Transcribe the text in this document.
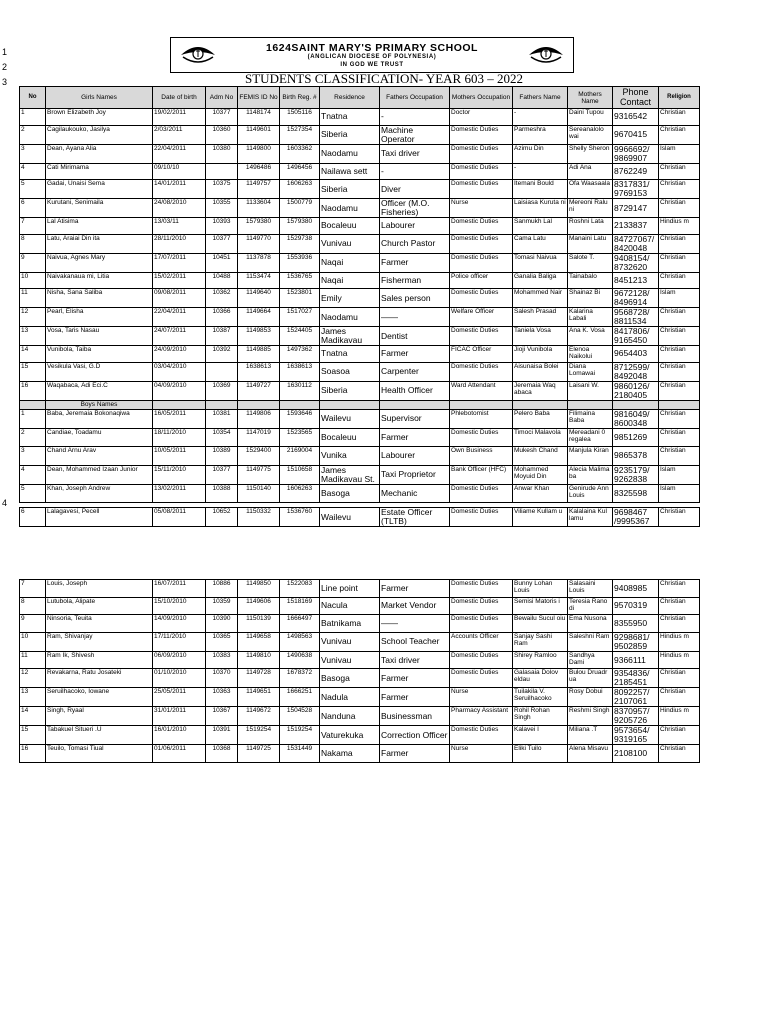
1
2
3
4
1624SAINT MARY'S PRIMARY SCHOOL
(ANGLICAN DIOCESE OF POLYNESIA)
IN GOD WE TRUST
STUDENTS CLASSIFICATION- YEAR 603 – 2022
No	Girls Names	Date of birth	Adm No	FEMIS ID No	Birth Reg. #	Residence	Fathers Occupation	Mothers Occupation	Fathers Name	Mothers Name	Phone Contact	Religion
1	Brown Elizabeth Joy	19/02/2011	10377	1148174	1505116	Tnatna	-	Doctor	-	Daini Tupou	9316542	Christian
2	Cagilaukouko, Jasilya	2/03/2011	10360	1149601	1527354	Siberia	Machine Operator	Domestic Duties	Parmeshra	Sereanalolo wai	9670415	Christian
3	Dean, Ayana Alia	22/04/2011	10380	1149800	1603362	Naodamu	Taxi driver	Domestic Duties	Azimu Din	Shelly Sheron	9966692/ 9869907	Islam
4	Cati Mirimama	09/10/10		1496486	1496456	Nailawa sett	-	Domestic Duties	-	Adi Ana	8762249	Christian
5	Gadai, Unaisi Sema	14/01/2011	10375	1149757	1606263	Siberia	Diver	Domestic Duties	Itemani Bould	Ofa Waasaala	8317831/ 9769153	Christian
6	Kurutani, Senimaila	24/08/2010	10355	1133604	1500779	Naodamu	Officer (M.O. Fisheries)	Nurse	Laisiasa Kuruta ni	Mereoni Ralu ni	8729147	Christian
7	Lal Atisima	13/03/11	10393	1579380	1579380	Bocaleuu	Labourer	Domestic Duties	Sanmukh Lal	Roshni Lata	2133837	Hindius m
8	Latu, Araiai Din ita	28/11/2010	10377	1149770	1529738	Vunivau	Church Pastor	Domestic Duties	Cama Latu	Manaini Latu	84727067/ 8420048	Christian
9	Naivua, Agnes Mary	17/07/2011	10451	1137878	1553936	Naqai	Farmer	Domestic Duties	Tomasi Naivua	Salote T.	9408154/ 8732620	Christian
10	Naivakanaua mi, Litia	15/02/2011	10488	1153474	1536765	Naqai	Fisherman	Police officer	Ganalia Baliga	Tainabalo	8451213	Christian
11	Nisha, Sana Saliba	09/08/2011	10362	1149640	1523801	Emily	Sales person	Domestic Duties	Mohammed Nair	Shainaz Bi	9672128/ 8496914	Islam
12	Pearl, Elisha	22/04/2011	10366	1149664	1517027	Naodamu	——	Welfare Officer	Salesh Prasad	Kalarina Labali	9568728/ 8811534	Christian
13	Vosa, Taris Nasau	24/07/2011	10387	1149853	1524405	James Madikavau	Dentist	Domestic Duties	Taniela Vosa	Ana K. Vosa	8417806/ 9165450	Christian
14	Vunibola, Taiba	24/09/2010	10392	1149885	1497362	Tnatna	Farmer	FICAC Officer	Jioji Vunibola	Elenoa Naikolui	9654403	Christian
15	Vesikula Vasi, G.D	03/04/2010		1638613	1638613	Soasoa	Carpenter	Domestic Duties	Aisunaisa Bolei	Diana Lomawai	8712599/ 8492048	Christian
16	Waqabaca, Adi Eci.C	04/09/2010	10369	1149727	1630112	Siberia	Health Officer	Ward Attendant	Jeremaia Waq abaca	Laisani W.	9860126/ 2180405	Christian
	Boys Names											
1	Baba, Jeremaia Bokonaqiwa	16/05/2011	10381	1149806	1593646	Wailevu	Supervisor	Phlebotomist	Pelero Baba	Filimaina Baba	9816049/ 8600348	Christian
2	Candiae, Toadamu	18/11/2010	10354	1147019	1523565	Bocaleuu	Farmer	Domestic Duties	Timoci Malavola	Mereadani 0 regalea	9851269	Christian
3	Chand Arnu Arav	10/05/2011	10389	1529400	2169004	Vunika	Labourer	Own Business	Mukesh Chand	Manjula Kiran	9865378	Christian
4	Dean, Mohammed Izaan Junior	15/11/2010	10377	1149775	1510658	James Madikavau St.	Taxi Proprietor	Bank Officer (HFC)	Mohammed Moyuid Din	Alecia Malima ba	9235179/ 9262838	Islam
5	Khan, Joseph Andrew	13/02/2011	10388	1150140	1606263	Basoga	Mechanic	Domestic Duties	Anwar Khan	Genirude Ann Louis	8325598	Islam
6	Lalagavesi, Pecell	05/08/2011	10652	1150332	1536760	Wailevu	Estate Officer (TLTB)	Domestic Duties	Viliame Kullam u	Kalalaina Kul lamu	9698467 /9995367	Christian
7	Louis, Joseph	16/07/2011	10886	1149850	1522083	Line point	Farmer	Domestic Duties	Bunny Lohan Louis	Salasaini Louis	9408985	Christian
8	Lutubola, Alipate	15/10/2010	10359	1149606	1518169	Nacula	Market Vendor	Domestic Duties	Semisi Matoris i	Teresia Rano di	9570319	Christian
9	Ninsoria, Teuita	14/09/2010	10390	1150139	1666497	Batnikama	——	Domestic Duties	Bewailu Sucul oiu	Ema Nusona	8355950	Christian
10	Ram, Shivanjay	17/11/2010	10365	1149658	1498563	Vunivau	School Teacher	Accounts Officer	Sanjay Sashi Ram	Saleshni Ram	9298681/ 9502859	Hindius m
11	Ram Ik, Shivesh	06/09/2010	10383	1149810	1490638	Vunivau	Taxi driver	Domestic Duties	Shirey Ramloo	Sandhya Dami	9366111	Hindius m
12	Revakarna, Ratu Josateki	01/10/2010	10370	1149728	1678372	Basoga	Farmer	Domestic Duties	Galasaia Dolov eldau	Bulou Druadr ua	9354836/ 2185451	Christian
13	Seruilhacoko, Iowane	25/05/2011	10363	1149651	1666251	Nadula	Farmer	Nurse	Tuilakila V. Seruilhacoko	Rosy Dobui	8092257/ 2107061	Christian
14	Singh, Ryaal	31/01/2011	10367	1149672	1504528	Nanduna	Businessman	Pharmacy Assistant	Rohil Rohan Singh	Reshmi Singh	8370957/ 9205726	Hindius m
15	Tabakuel Situeri .U	16/01/2010	10391	1519254	1519254	Vaturekuka	Correction Officer	Domestic Duties	Kalavei I	Miliana .T	9573654/ 9319165	Christian
16	Teuilo, Tomasi Tiual	01/06/2011	10368	1149725	1531449	Nakama	Farmer	Nurse	Eliki Tuilo	Alena Misavu	2108100	Christian
